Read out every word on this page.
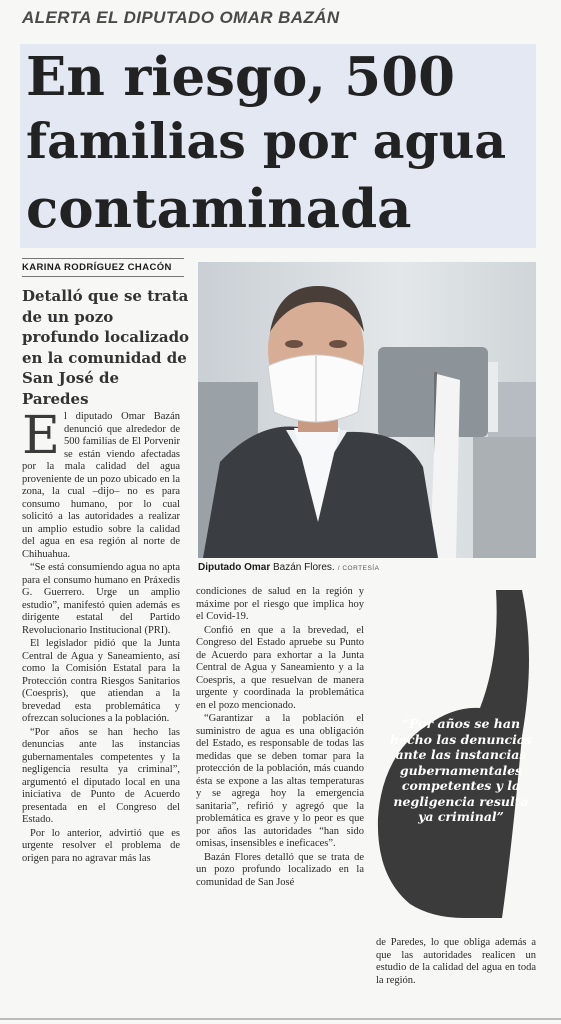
ALERTA EL DIPUTADO OMAR BAZÁN
En riesgo, 500
familias por agua
contaminada
KARINA RODRÍGUEZ CHACÓN
Detalló que se trata de un pozo profundo localizado en la comunidad de San José de Paredes
Diputado Omar Bazán Flores. / CORTESÍA

El diputado Omar Bazán denunció que alrededor de 500 familias de El Porvenir se están viendo afectadas por la mala calidad del agua proveniente de un pozo ubicado en la zona, la cual –dijo– no es para consumo humano, por lo cual solicitó a las autoridades a realizar un amplio estudio sobre la calidad del agua en esa región al norte de Chihuahua.

“Se está consumiendo agua no apta para el consumo humano en Práxedis G. Guerrero. Urge un amplio estudio”, manifestó quien además es dirigente estatal del Partido Revolucionario Institucional (PRI).

El legislador pidió que la Junta Central de Agua y Saneamiento, así como la Comisión Estatal para la Protección contra Riesgos Sanitarios (Coespris), que atiendan a la brevedad esta problemática y ofrezcan soluciones a la población.

“Por años se han hecho las denuncias ante las instancias gubernamentales competentes y la negligencia resulta ya criminal”, argumentó el diputado local en una iniciativa de Punto de Acuerdo presentada en el Congreso del Estado.

Por lo anterior, advirtió que es urgente resolver el problema de origen para no agravar más las

condiciones de salud en la región y máxime por el riesgo que implica hoy el Covid-19.

Confió en que a la brevedad, el Congreso del Estado apruebe su Punto de Acuerdo para exhortar a la Junta Central de Agua y Saneamiento y a la Coespris, a que resuelvan de manera urgente y coordinada la problemática en el pozo mencionado.

“Garantizar a la población el suministro de agua es una obligación del Estado, es responsable de todas las medidas que se deben tomar para la protección de la población, más cuando ésta se expone a las altas temperaturas y se agrega hoy la emergencia sanitaria”, refirió y agregó que la problemática es grave y lo peor es que por años las autoridades “han sido omisas, insensibles e ineficaces”.

Bazán Flores detalló que se trata de un pozo profundo localizado en la comunidad de San José

“Por años se han hecho las denuncias ante las instancias gubernamentales competentes y la negligencia resulta ya criminal”

de Paredes, lo que obliga además a que las autoridades realicen un estudio de la calidad del agua en toda la región.
